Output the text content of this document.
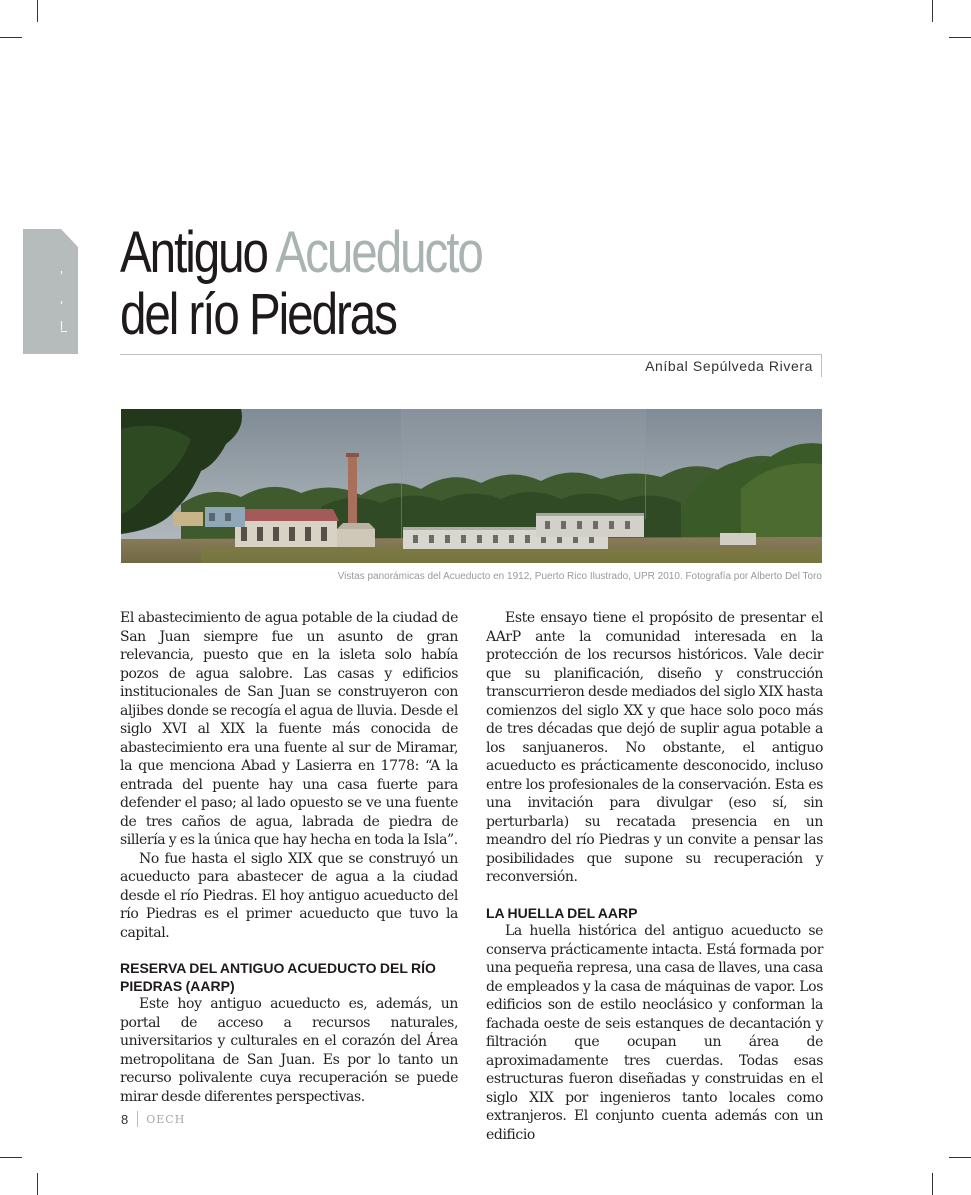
Antiguo Acueducto
del río Piedras
Aníbal Sepúlveda Rivera
Vistas panorámicas del Acueducto en 1912, Puerto Rico Ilustrado, UPR 2010. Fotografía por Alberto Del Toro

El abastecimiento de agua potable de la ciudad de San Juan siempre fue un asunto de gran relevancia, puesto que en la isleta solo había pozos de agua salobre. Las casas y edificios institucionales de San Juan se construyeron con aljibes donde se recogía el agua de lluvia. Desde el siglo XVI al XIX la fuente más conocida de abastecimiento era una fuente al sur de Miramar, la que menciona Abad y Lasierra en 1778: “A la entrada del puente hay una casa fuerte para defender el paso; al lado opuesto se ve una fuente de tres caños de agua, labrada de piedra de sillería y es la única que hay hecha en toda la Isla”.

No fue hasta el siglo XIX que se construyó un acueducto para abastecer de agua a la ciudad desde el río Piedras. El hoy antiguo acueducto del río Piedras es el primer acueducto que tuvo la capital.

RESERVA DEL ANTIGUO ACUEDUCTO DEL RÍO PIEDRAS (AARP)

Este hoy antiguo acueducto es, además, un portal de acceso a recursos naturales, universitarios y culturales en el corazón del Área metropolitana de San Juan. Es por lo tanto un recurso polivalente cuya recuperación se puede mirar desde diferentes perspectivas.

Este ensayo tiene el propósito de presentar el AArP ante la comunidad interesada en la protección de los recursos históricos. Vale decir que su planificación, diseño y construcción transcurrieron desde mediados del siglo XIX hasta comienzos del siglo XX y que hace solo poco más de tres décadas que dejó de suplir agua potable a los sanjuaneros. No obstante, el antiguo acueducto es prácticamente desconocido, incluso entre los profesionales de la conservación. Esta es una invitación para divulgar (eso sí, sin perturbarla) su recatada presencia en un meandro del río Piedras y un convite a pensar las posibilidades que supone su recuperación y reconversión.

LA HUELLA DEL AARP

La huella histórica del antiguo acueducto se conserva prácticamente intacta. Está formada por una pequeña represa, una casa de llaves, una casa de empleados y la casa de máquinas de vapor. Los edificios son de estilo neoclásico y conforman la fachada oeste de seis estanques de decantación y filtración que ocupan un área de aproximadamente tres cuerdas. Todas esas estructuras fueron diseñadas y construidas en el siglo XIX por ingenieros tanto locales como extranjeros. El conjunto cuenta además con un edificio

8 OECH
